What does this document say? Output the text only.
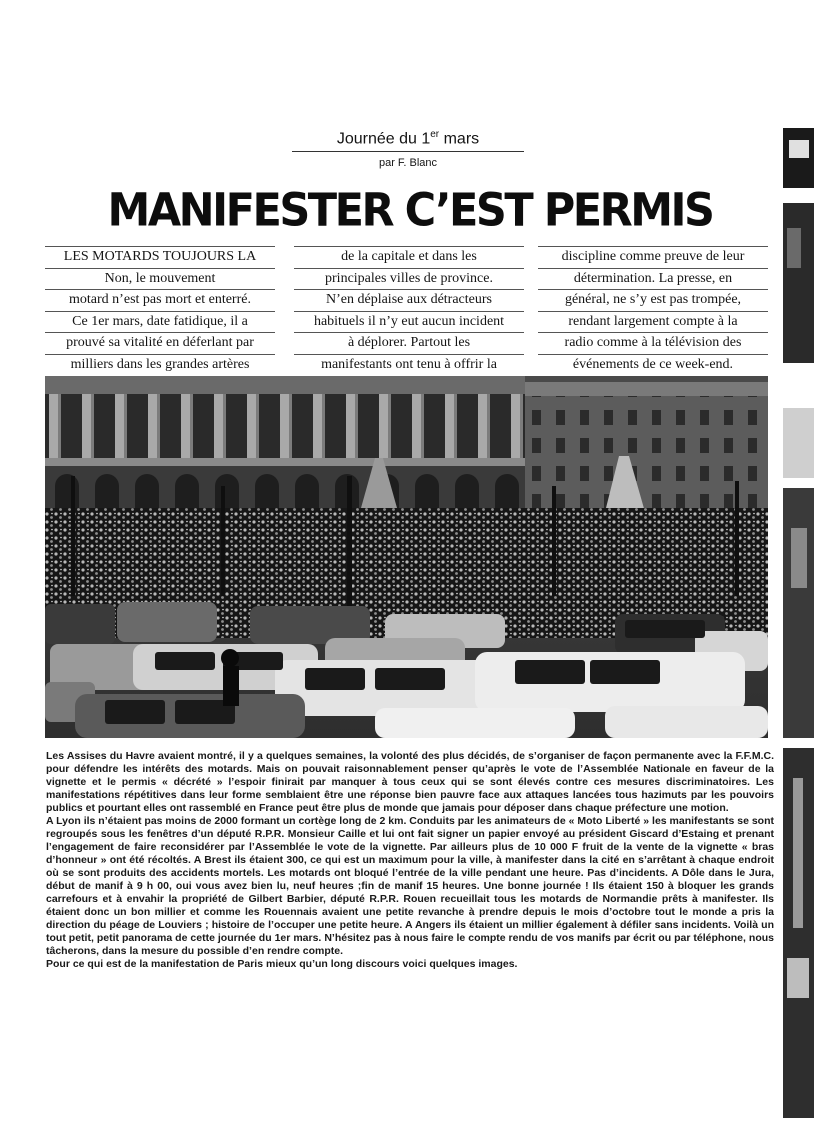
Journée du 1er mars
par F. Blanc
MANIFESTER C’EST PERMIS
LES MOTARDS TOUJOURS LA
Non, le mouvement
motard n’est pas mort et enterré.
Ce 1er mars, date fatidique, il a
prouvé sa vitalité en déferlant par
milliers dans les grandes artères
de la capitale et dans les
principales villes de province.
N’en déplaise aux détracteurs
habituels il n’y eut aucun incident
à déplorer. Partout les
manifestants ont tenu à offrir la
discipline comme preuve de leur
détermination. La presse, en
général, ne s’y est pas trompée,
rendant largement compte à la
radio comme à la télévision des
événements de ce week-end.

Les Assises du Havre avaient montré, il y a quelques semaines, la volonté des plus décidés, de s’organiser de façon permanente avec la F.F.M.C. pour défendre les intérêts des motards. Mais on pouvait raisonnablement penser qu’après le vote de l’Assemblée Nationale en faveur de la vignette et le permis « décrété » l’espoir finirait par manquer à tous ceux qui se sont élevés contre ces mesures discriminatoires. Les manifestations répétitives dans leur forme semblaient être une réponse bien pauvre face aux attaques lancées tous hazimuts par les pouvoirs publics et pourtant elles ont rassemblé en France peut être plus de monde que jamais pour déposer dans chaque préfecture une motion.

A Lyon ils n’étaient pas moins de 2000 formant un cortège long de 2 km. Conduits par les animateurs de « Moto Liberté » les manifestants se sont regroupés sous les fenêtres d’un député R.P.R. Monsieur Caille et lui ont fait signer un papier envoyé au président Giscard d’Estaing et prenant l’engagement de faire reconsidérer par l’Assemblée le vote de la vignette. Par ailleurs plus de 10 000 F fruit de la vente de la vignette « bras d’honneur » ont été récoltés. A Brest ils étaient 300, ce qui est un maximum pour la ville, à manifester dans la cité en s’arrêtant à chaque endroit où se sont produits des accidents mortels. Les motards ont bloqué l’entrée de la ville pendant une heure. Pas d’incidents. A Dôle dans le Jura, début de manif à 9 h 00, oui vous avez bien lu, neuf heures ;fin de manif 15 heures. Une bonne journée ! Ils étaient 150 à bloquer les grands carrefours et à envahir la propriété de Gilbert Barbier, député R.P.R. Rouen recueillait tous les motards de Normandie prêts à manifester. Ils étaient donc un bon millier et comme les Rouennais avaient une petite revanche à prendre depuis le mois d’octobre tout le monde a pris la direction du péage de Louviers ; histoire de l’occuper une petite heure. A Angers ils étaient un millier également à défiler sans incidents. Voilà un tout petit, petit panorama de cette journée du 1er mars. N’hésitez pas à nous faire le compte rendu de vos manifs par écrit ou par téléphone, nous tâcherons, dans la mesure du possible d’en rendre compte.

Pour ce qui est de la manifestation de Paris mieux qu’un long discours voici quelques images.
